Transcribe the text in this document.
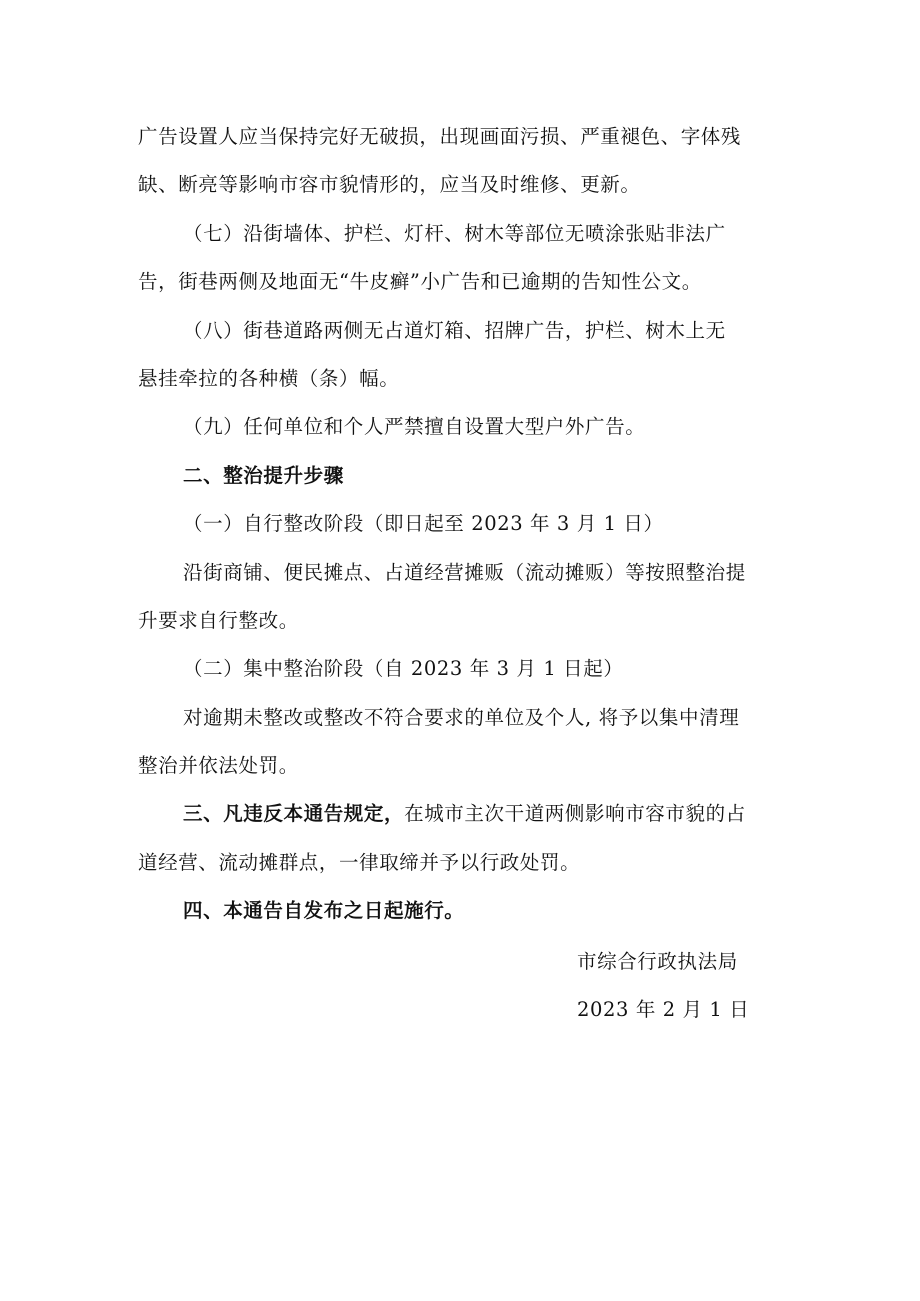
广告设置人应当保持完好无破损，出现画面污损、严重褪色、字体残
缺、断亮等影响市容市貌情形的，应当及时维修、更新。
（七）沿街墙体、护栏、灯杆、树木等部位无喷涂张贴非法广
告，街巷两侧及地面无“牛皮癣”小广告和已逾期的告知性公文。
（八）街巷道路两侧无占道灯箱、招牌广告，护栏、树木上无
悬挂牵拉的各种横（条）幅。
（九）任何单位和个人严禁擅自设置大型户外广告。
二、整治提升步骤
（一）自行整改阶段（即日起至 2023 年 3 月 1 日）
沿街商铺、便民摊点、占道经营摊贩（流动摊贩）等按照整治提
升要求自行整改。
（二）集中整治阶段（自 2023 年 3 月 1 日起）
对逾期未整改或整改不符合要求的单位及个人, 将予以集中清理
整治并依法处罚。
三、凡违反本通告规定，在城市主次干道两侧影响市容市貌的占
道经营、流动摊群点，一律取缔并予以行政处罚。
四、本通告自发布之日起施行。
市综合行政执法局
2023 年 2 月 1 日
